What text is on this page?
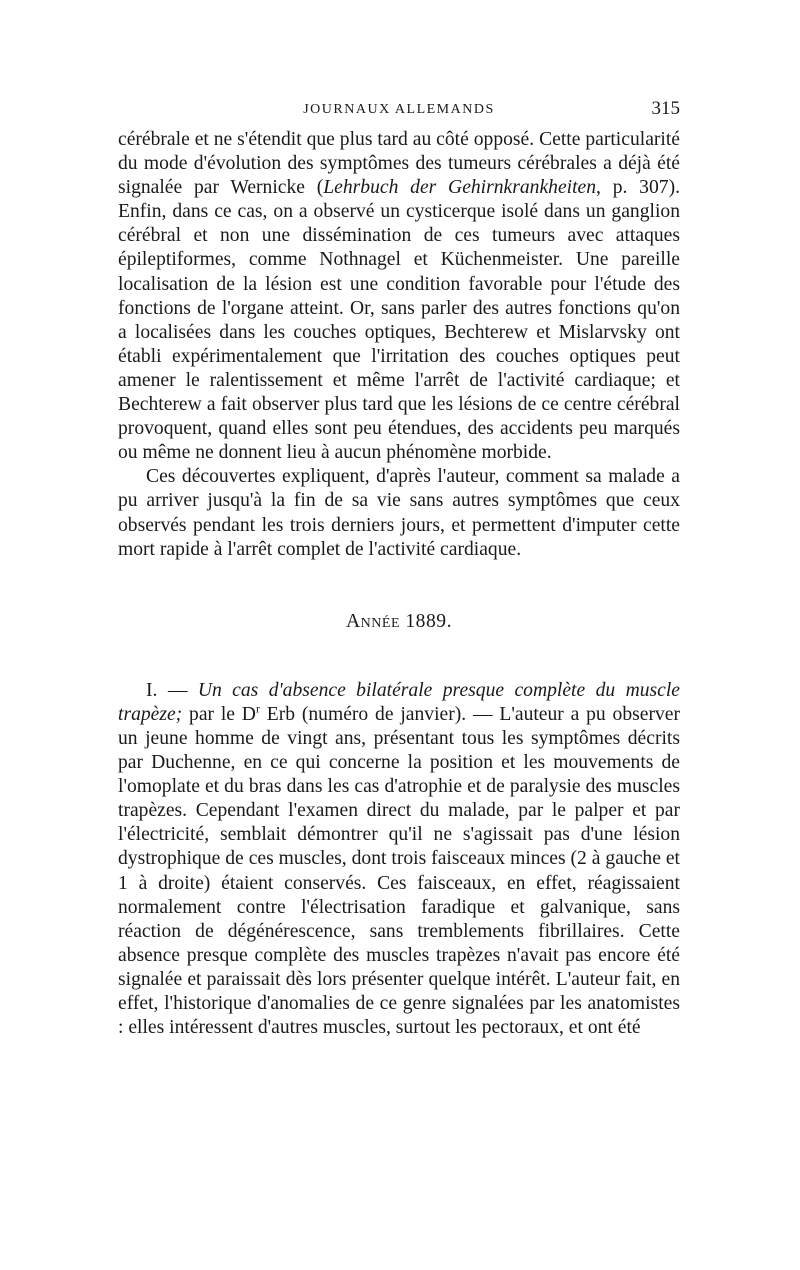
JOURNAUX ALLEMANDS	315

cérébrale et ne s'étendit que plus tard au côté opposé. Cette particularité du mode d'évolution des symptômes des tumeurs cérébrales a déjà été signalée par Wernicke (Lehrbuch der Gehirnkrankheiten, p. 307). Enfin, dans ce cas, on a observé un cysticerque isolé dans un ganglion cérébral et non une dissémination de ces tumeurs avec attaques épileptiformes, comme Nothnagel et Küchenmeister. Une pareille localisation de la lésion est une condition favorable pour l'étude des fonctions de l'organe atteint. Or, sans parler des autres fonctions qu'on a localisées dans les couches optiques, Bechterew et Mislarvsky ont établi expérimentalement que l'irritation des couches optiques peut amener le ralentissement et même l'arrêt de l'activité cardiaque; et Bechterew a fait observer plus tard que les lésions de ce centre cérébral provoquent, quand elles sont peu étendues, des accidents peu marqués ou même ne donnent lieu à aucun phénomène morbide.

Ces découvertes expliquent, d'après l'auteur, comment sa malade a pu arriver jusqu'à la fin de sa vie sans autres symptômes que ceux observés pendant les trois derniers jours, et permettent d'imputer cette mort rapide à l'arrêt complet de l'activité cardiaque.

Année 1889.

I. — Un cas d'absence bilatérale presque complète du muscle trapèze; par le $D^r$ Erb (numéro de janvier). — L'auteur a pu observer un jeune homme de vingt ans, présentant tous les symptômes décrits par Duchenne, en ce qui concerne la position et les mouvements de l'omoplate et du bras dans les cas d'atrophie et de paralysie des muscles trapèzes. Cependant l'examen direct du malade, par le palper et par l'électricité, semblait démontrer qu'il ne s'agissait pas d'une lésion dystrophique de ces muscles, dont trois faisceaux minces (2 à gauche et 1 à droite) étaient conservés. Ces faisceaux, en effet, réagissaient normalement contre l'électrisation faradique et galvanique, sans réaction de dégénérescence, sans tremblements fibrillaires. Cette absence presque complète des muscles trapèzes n'avait pas encore été signalée et paraissait dès lors présenter quelque intérêt. L'auteur fait, en effet, l'historique d'anomalies de ce genre signalées par les anatomistes : elles intéressent d'autres muscles, surtout les pectoraux, et ont été
